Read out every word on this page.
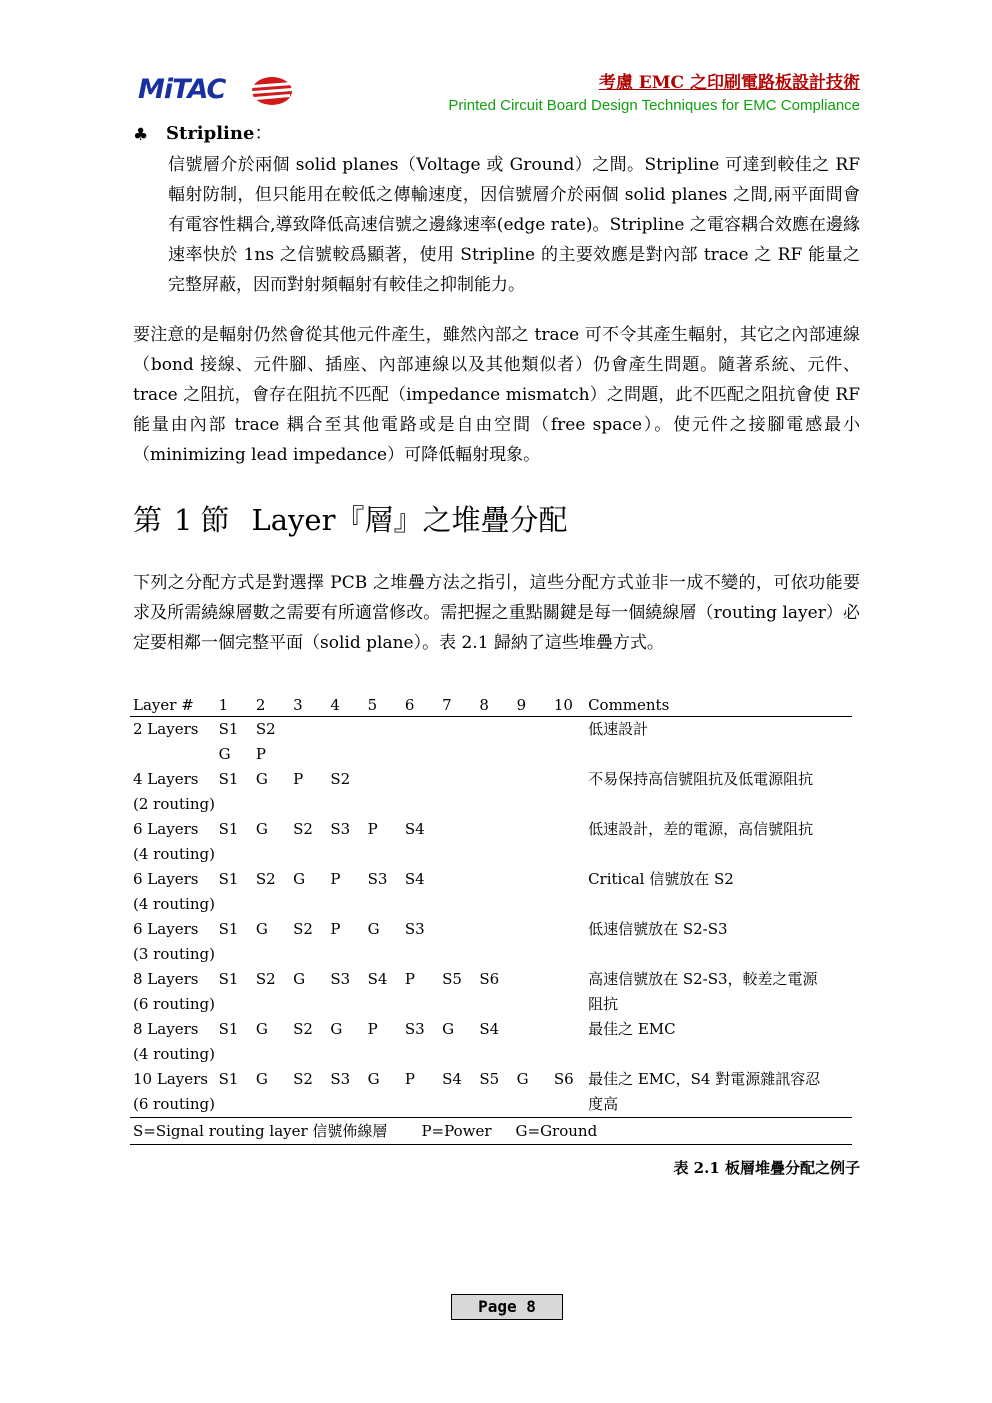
MiTAC	考慮 EMC 之印刷電路板設計技術
Printed Circuit Board Design Techniques for EMC Compliance
♣ Stripline：

信號層介於兩個 solid planes（Voltage 或 Ground）之間。Stripline 可達到較佳之 RF 輻射防制，但只能用在較低之傳輸速度，因信號層介於兩個 solid planes 之間,兩平面間會有電容性耦合,導致降低高速信號之邊緣速率(edge rate)。Stripline 之電容耦合效應在邊緣速率快於 1ns 之信號較爲顯著，使用 Stripline 的主要效應是對內部 trace 之 RF 能量之完整屏蔽，因而對射頻輻射有較佳之抑制能力。

要注意的是輻射仍然會從其他元件產生，雖然內部之 trace 可不令其產生輻射，其它之內部連線（bond 接線、元件腳、插座、內部連線以及其他類似者）仍會產生問題。隨著系統、元件、trace 之阻抗，會存在阻抗不匹配（impedance mismatch）之問題，此不匹配之阻抗會使 RF 能量由內部 trace 耦合至其他電路或是自由空間（free space）。使元件之接腳電感最小（minimizing lead impedance）可降低輻射現象。

第 1 節 Layer『層』之堆疊分配

下列之分配方式是對選擇 PCB 之堆疊方法之指引，這些分配方式並非一成不變的，可依功能要求及所需繞線層數之需要有所適當修改。需把握之重點關鍵是每一個繞線層（routing layer）必定要相鄰一個完整平面（solid plane）。表 2.1 歸納了這些堆疊方式。

Layer #	1	2	3	4	5	6	7	8	9	10	Comments
2 Layers	S1	S2									低速設計
	G	P									
4 Layers	S1	G	P	S2							不易保持高信號阻抗及低電源阻抗
(2 routing)											
6 Layers	S1	G	S2	S3	P	S4					低速設計，差的電源，高信號阻抗
(4 routing)											
6 Layers	S1	S2	G	P	S3	S4					Critical 信號放在 S2
(4 routing)											
6 Layers	S1	G	S2	P	G	S3					低速信號放在 S2-S3
(3 routing)											
8 Layers	S1	S2	G	S3	S4	P	S5	S6			高速信號放在 S2-S3，較差之電源
(6 routing)											阻抗
8 Layers	S1	G	S2	G	P	S3	G	S4			最佳之 EMC
(4 routing)											
10 Layers	S1	G	S2	S3	G	P	S4	S5	G	S6	最佳之 EMC，S4 對電源雜訊容忍
(6 routing)											度高
S=Signal routing layer 信號佈線層 P=Power G=Ground											
表 2.1 板層堆疊分配之例子
Page 8
